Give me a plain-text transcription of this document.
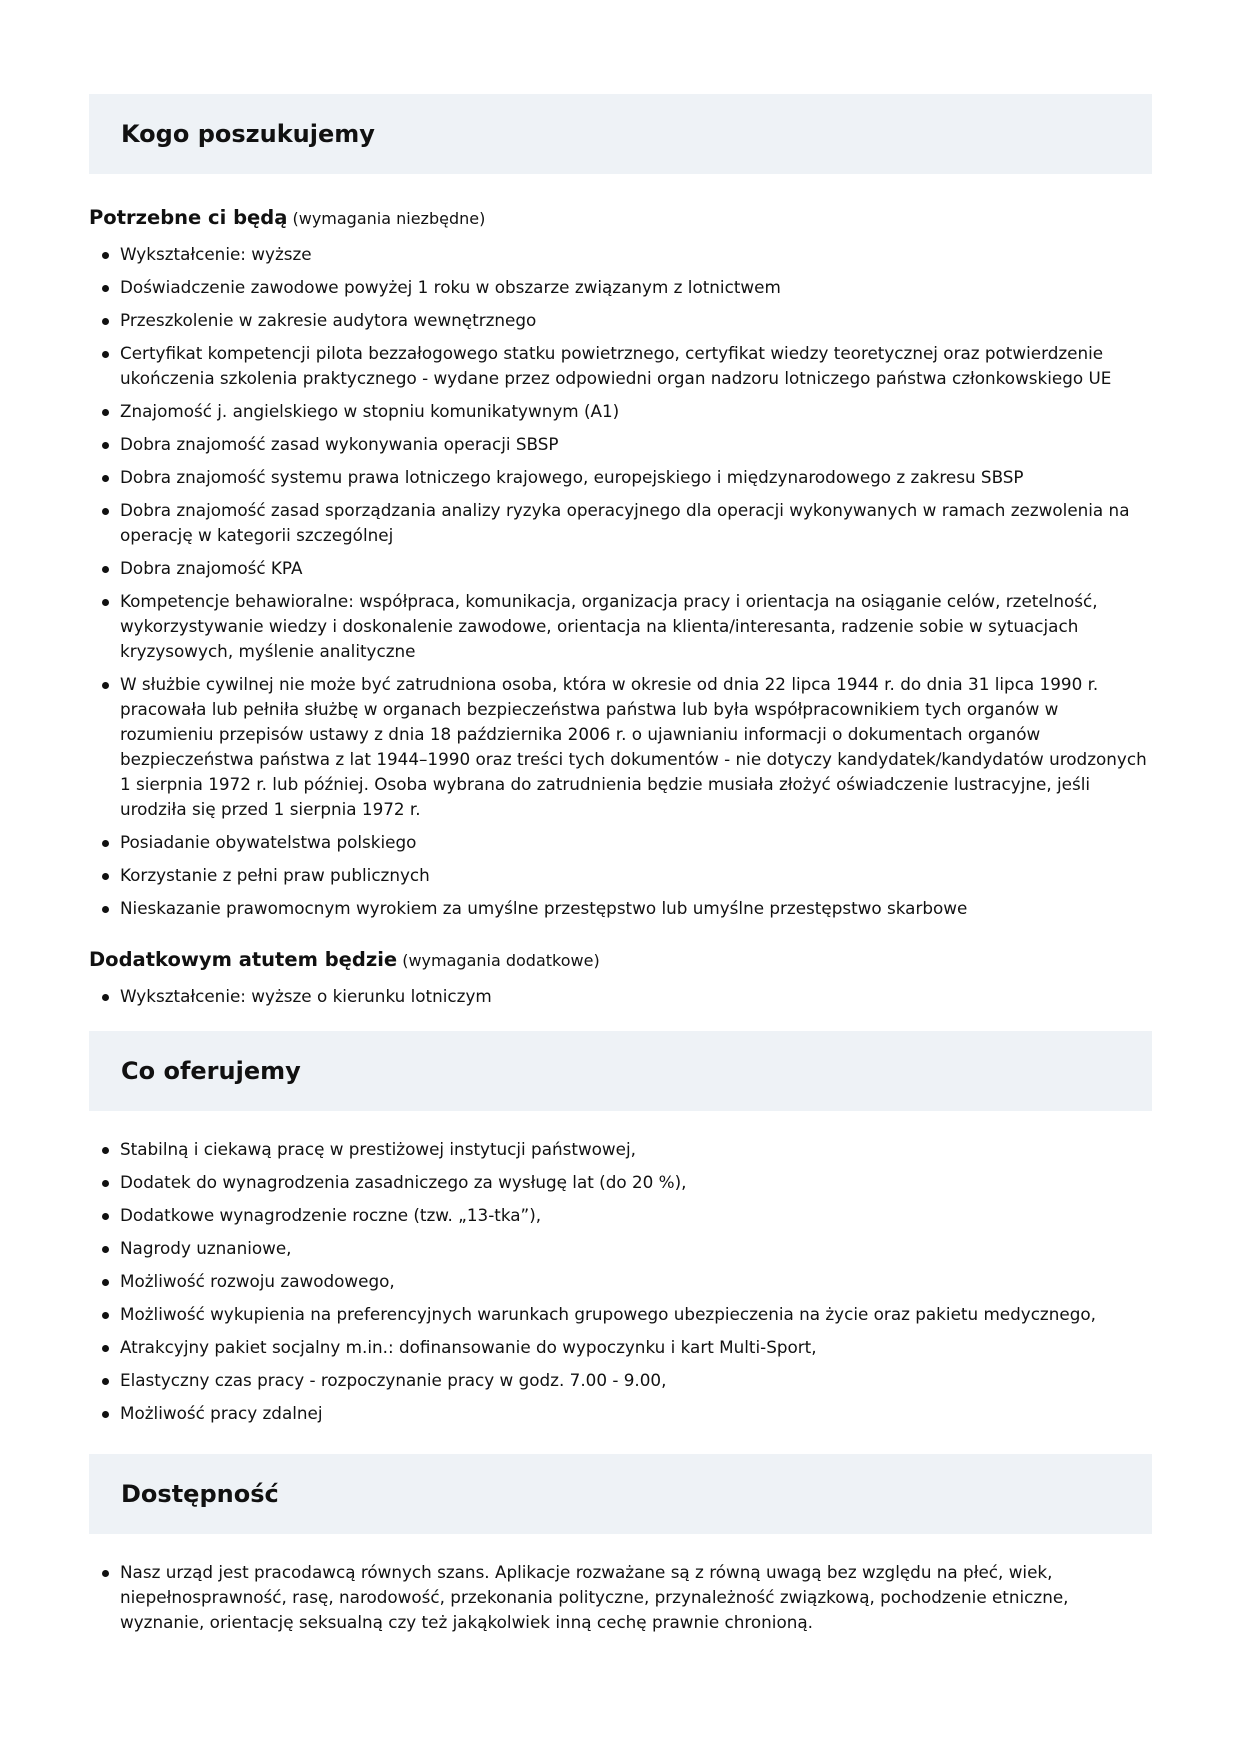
Kogo poszukujemy
Potrzebne ci będą (wymagania niezbędne)
Wykształcenie: wyższe
Doświadczenie zawodowe powyżej 1 roku w obszarze związanym z lotnictwem
Przeszkolenie w zakresie audytora wewnętrznego
Certyfikat kompetencji pilota bezzałogowego statku powietrznego, certyfikat wiedzy teoretycznej oraz potwierdzenie ukończenia szkolenia praktycznego - wydane przez odpowiedni organ nadzoru lotniczego państwa członkowskiego UE
Znajomość j. angielskiego w stopniu komunikatywnym (A1)
Dobra znajomość zasad wykonywania operacji SBSP
Dobra znajomość systemu prawa lotniczego krajowego, europejskiego i międzynarodowego z zakresu SBSP
Dobra znajomość zasad sporządzania analizy ryzyka operacyjnego dla operacji wykonywanych w ramach zezwolenia na operację w kategorii szczególnej
Dobra znajomość KPA
Kompetencje behawioralne: współpraca, komunikacja, organizacja pracy i orientacja na osiąganie celów, rzetelność, wykorzystywanie wiedzy i doskonalenie zawodowe, orientacja na klienta/interesanta, radzenie sobie w sytuacjach kryzysowych, myślenie analityczne
W służbie cywilnej nie może być zatrudniona osoba, która w okresie od dnia 22 lipca 1944 r. do dnia 31 lipca 1990 r. pracowała lub pełniła służbę w organach bezpieczeństwa państwa lub była współpracownikiem tych organów w rozumieniu przepisów ustawy z dnia 18 października 2006 r. o ujawnianiu informacji o dokumentach organów bezpieczeństwa państwa z lat 1944–1990 oraz treści tych dokumentów - nie dotyczy kandydatek/kandydatów urodzonych 1 sierpnia 1972 r. lub później. Osoba wybrana do zatrudnienia będzie musiała złożyć oświadczenie lustracyjne, jeśli urodziła się przed 1 sierpnia 1972 r.
Posiadanie obywatelstwa polskiego
Korzystanie z pełni praw publicznych
Nieskazanie prawomocnym wyrokiem za umyślne przestępstwo lub umyślne przestępstwo skarbowe
Dodatkowym atutem będzie (wymagania dodatkowe)
Wykształcenie: wyższe o kierunku lotniczym
Co oferujemy
Stabilną i ciekawą pracę w prestiżowej instytucji państwowej,
Dodatek do wynagrodzenia zasadniczego za wysługę lat (do 20 %),
Dodatkowe wynagrodzenie roczne (tzw. „13-tka”),
Nagrody uznaniowe,
Możliwość rozwoju zawodowego,
Możliwość wykupienia na preferencyjnych warunkach grupowego ubezpieczenia na życie oraz pakietu medycznego,
Atrakcyjny pakiet socjalny m.in.: dofinansowanie do wypoczynku i kart Multi-Sport,
Elastyczny czas pracy - rozpoczynanie pracy w godz. 7.00 - 9.00,
Możliwość pracy zdalnej
Dostępność
Nasz urząd jest pracodawcą równych szans. Aplikacje rozważane są z równą uwagą bez względu na płeć, wiek, niepełnosprawność, rasę, narodowość, przekonania polityczne, przynależność związkową, pochodzenie etniczne, wyznanie, orientację seksualną czy też jakąkolwiek inną cechę prawnie chronioną.
